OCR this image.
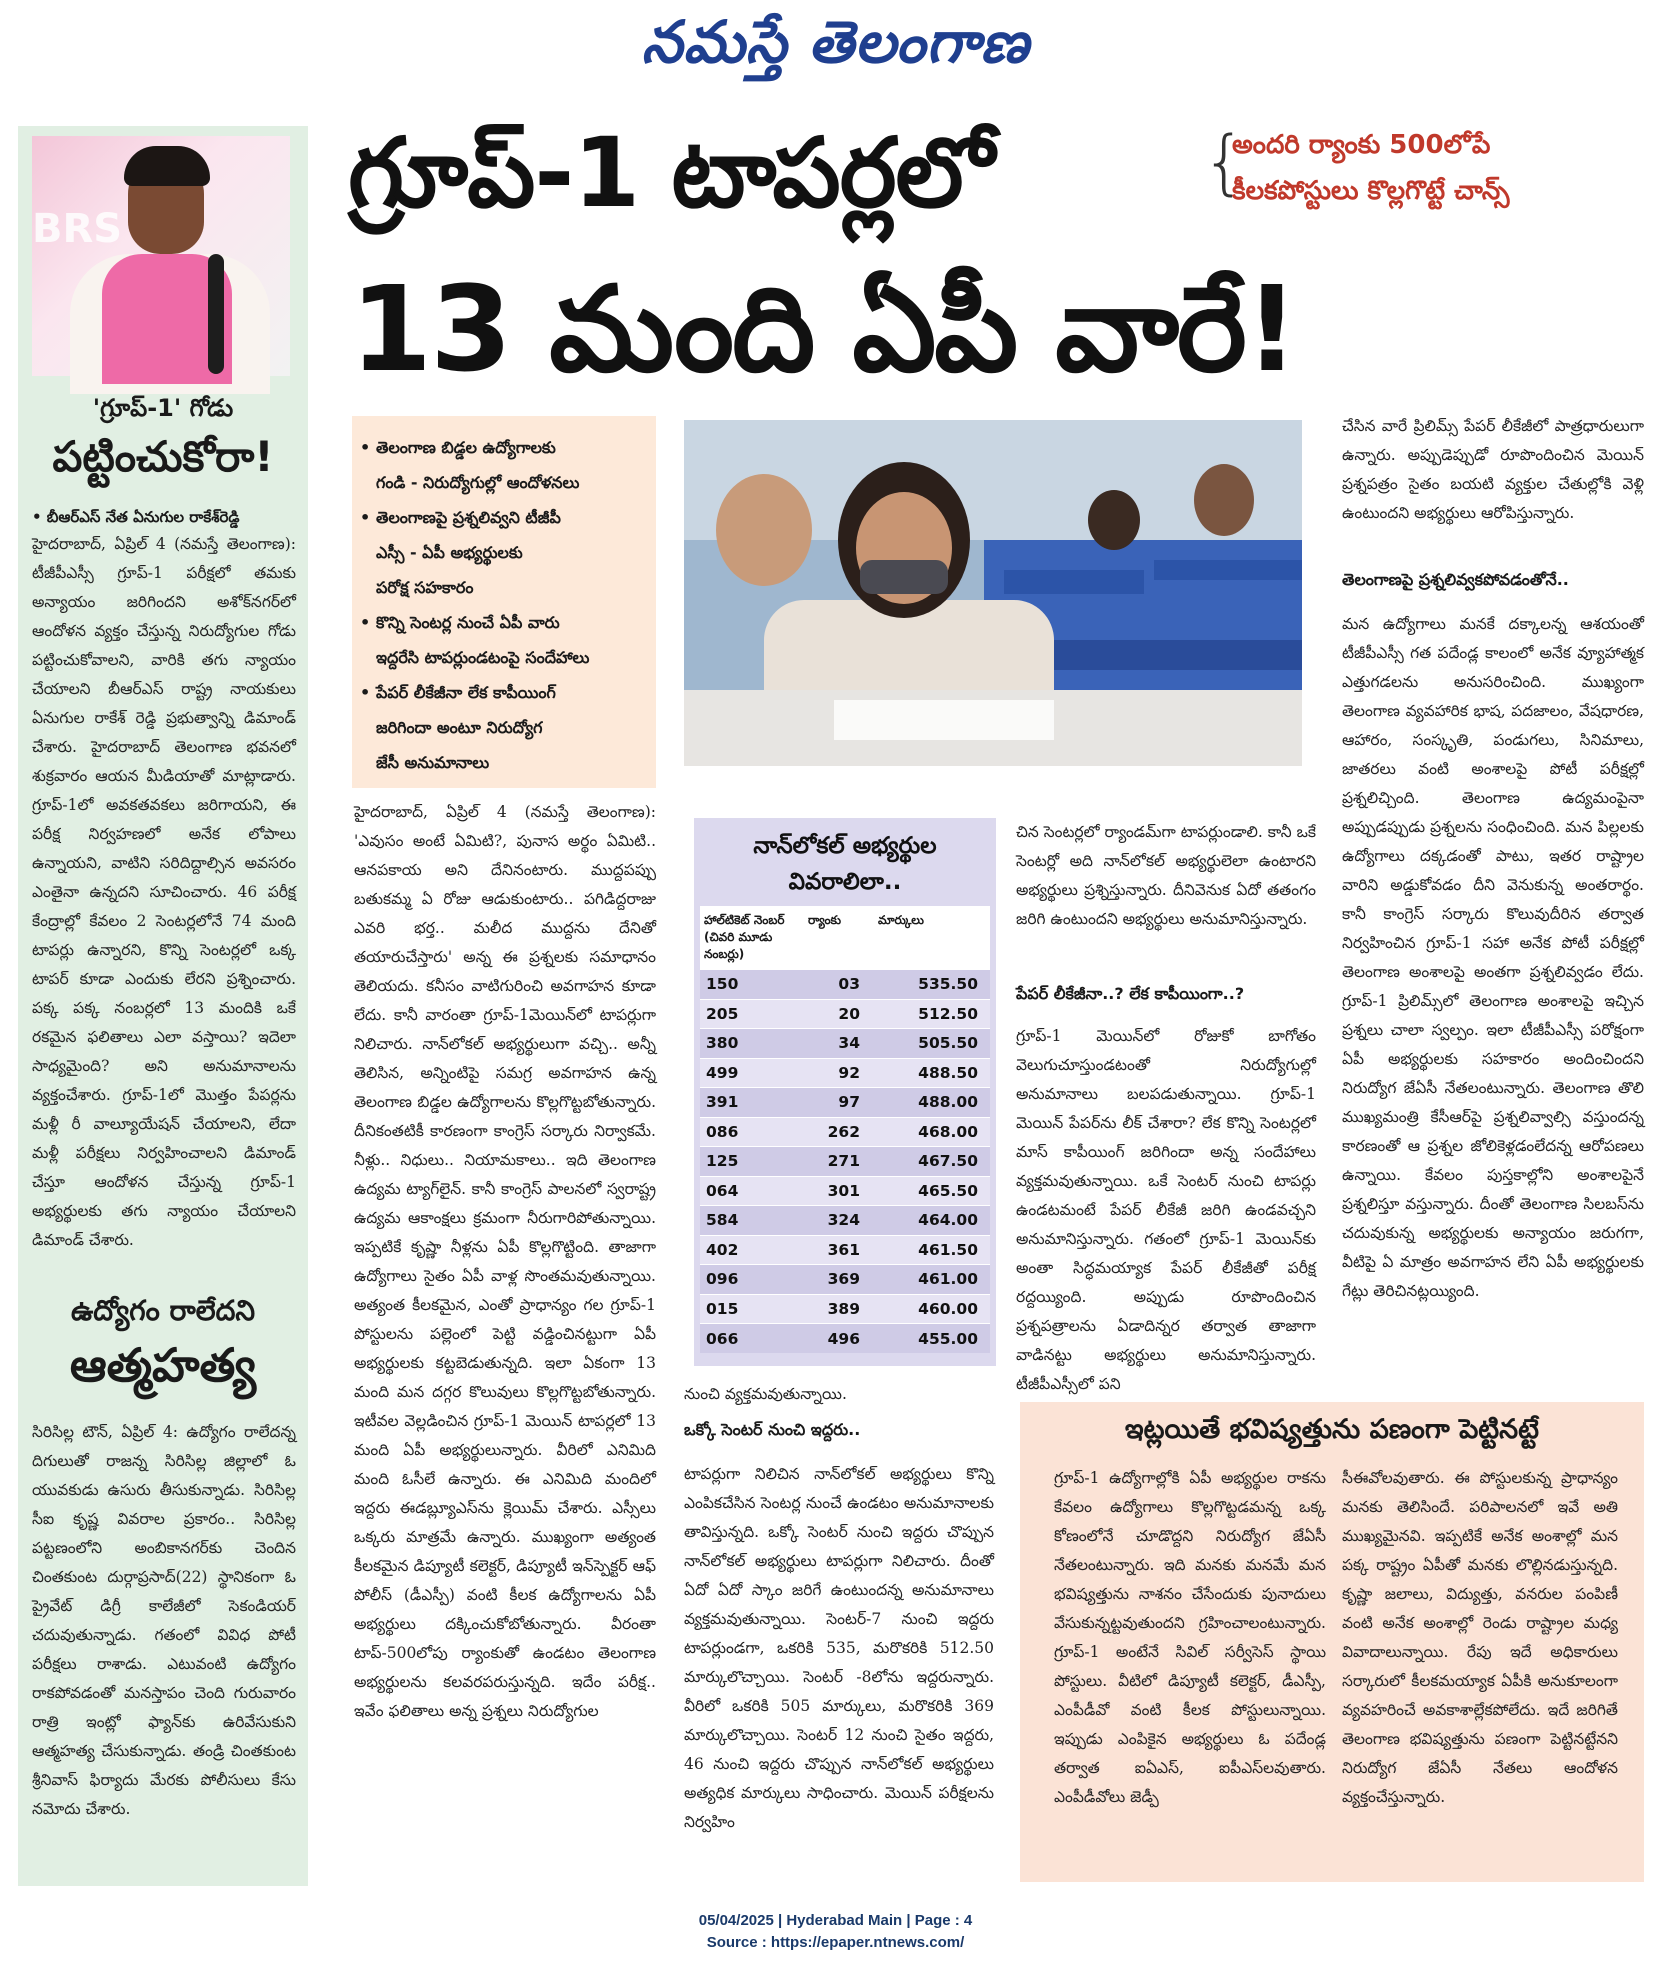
నమస్తే తెలంగాణ
BRS
'గ్రూప్-1' గోడు
పట్టించుకోరా!
• బీఆర్ఎస్ నేత ఏనుగుల రాకేశ్‌రెడ్డి
హైదరాబాద్, ఏప్రిల్ 4 (నమస్తే తెలంగాణ): టీజీపీఎస్సీ గ్రూప్-1 పరీక్షలో తమకు అన్యాయం జరిగిందని అశోక్‌నగర్‌లో ఆందోళన వ్యక్తం చేస్తున్న నిరుద్యోగుల గోడు పట్టించుకోవాలని, వారికి తగు న్యాయం చేయాలని బీఆర్ఎస్ రాష్ట్ర నాయకులు ఏనుగుల రాకేశ్ రెడ్డి ప్రభుత్వాన్ని డిమాండ్ చేశారు. హైదరాబాద్ తెలంగాణ భవనలో శుక్రవారం ఆయన మీడియాతో మాట్లాడారు. గ్రూప్-1లో అవకతవకలు జరిగాయని, ఈ పరీక్ష నిర్వహణలో అనేక లోపాలు ఉన్నాయని, వాటిని సరిదిద్దాల్సిన అవసరం ఎంతైనా ఉన్నదని సూచించారు. 46 పరీక్ష కేంద్రాల్లో కేవలం 2 సెంటర్లలోనే 74 మంది టాపర్లు ఉన్నారని, కొన్ని సెంటర్లలో ఒక్క టాపర్ కూడా ఎందుకు లేరని ప్రశ్నించారు. పక్క పక్క నంబర్లలో 13 మందికి ఒకే రకమైన ఫలితాలు ఎలా వస్తాయి? ఇదెలా సాధ్యమైంది? అని అనుమానాలను వ్యక్తంచేశారు. గ్రూప్-1లో మొత్తం పేపర్లను మళ్లీ రీ వాల్యూయేషన్ చేయాలని, లేదా మళ్లీ పరీక్షలు నిర్వహించాలని డిమాండ్ చేస్తూ ఆందోళన చేస్తున్న గ్రూప్-1 అభ్యర్థులకు తగు న్యాయం చేయాలని డిమాండ్ చేశారు.
ఉద్యోగం రాలేదని
ఆత్మహత్య
సిరిసిల్ల టౌన్, ఏప్రిల్ 4: ఉద్యోగం రాలేదన్న దిగులుతో రాజన్న సిరిసిల్ల జిల్లాలో ఓ యువకుడు ఉసురు తీసుకున్నాడు. సిరిసిల్ల సీఐ కృష్ణ వివరాల ప్రకారం.. సిరిసిల్ల పట్టణంలోని అంబికానగర్‌కు చెందిన చింతకుంట దుర్గాప్రసాద్(22) స్థానికంగా ఓ ప్రైవేట్ డిగ్రీ కాలేజీలో సెకండియర్ చదువుతున్నాడు. గతంలో వివిధ పోటీ పరీక్షలు రాశాడు. ఎటువంటి ఉద్యోగం రాకపోవడంతో మనస్తాపం చెంది గురువారం రాత్రి ఇంట్లో ఫ్యాన్‌కు ఉరివేసుకుని ఆత్మహత్య చేసుకున్నాడు. తండ్రి చింతకుంట శ్రీనివాస్ ఫిర్యాదు మేరకు పోలీసులు కేసు నమోదు చేశారు.
గ్రూప్-1 టాపర్లలో
13 మంది ఏపీ వారే!
{
అందరి ర్యాంకు 500లోపే
కీలకపోస్టులు కొల్లగొట్టే చాన్స్
• తెలంగాణ బిడ్డల ఉద్యోగాలకు
గండి - నిరుద్యోగుల్లో ఆందోళనలు
• తెలంగాణపై ప్రశ్నలివ్వని టీజీపీ
ఎస్సీ - ఏపీ అభ్యర్థులకు
పరోక్ష సహకారం
• కొన్ని సెంటర్ల నుంచే ఏపీ వారు
ఇద్దరేసి టాపర్లుండటంపై సందేహాలు
• పేపర్ లీకేజీనా లేక కాపీయింగ్
జరిగిందా అంటూ నిరుద్యోగ
జేసీ అనుమానాలు
హైదరాబాద్, ఏప్రిల్ 4 (నమస్తే తెలంగాణ): 'ఎవుసం అంటే ఏమిటి?, పునాస అర్థం ఏమిటి.. ఆనపకాయ అని దేనినంటారు. ముద్దపప్పు బతుకమ్మ ఏ రోజు ఆడుకుంటారు.. పగిడిద్దరాజు ఎవరి భర్త.. మలీద ముద్దను దేనితో తయారుచేస్తారు' అన్న ఈ ప్రశ్నలకు సమాధానం తెలియదు. కనీసం వాటిగురించి అవగాహన కూడా లేదు. కానీ వారంతా గ్రూప్-1మెయిన్‌లో టాపర్లుగా నిలిచారు. నాన్‌లోకల్ అభ్యర్థులుగా వచ్చి.. అన్నీ తెలిసిన, అన్నింటిపై సమగ్ర అవగాహన ఉన్న తెలంగాణ బిడ్డల ఉద్యోగాలను కొల్లగొట్టబోతున్నారు. దీనికంతటికీ కారణంగా కాంగ్రెస్ సర్కారు నిర్వాకమే. నీళ్లు.. నిధులు.. నియామకాలు.. ఇది తెలంగాణ ఉద్యమ ట్యాగ్‌లైన్. కానీ కాంగ్రెస్ పాలనలో స్వరాష్ట్ర ఉద్యమ ఆకాంక్షలు క్రమంగా నీరుగారిపోతున్నాయి. ఇప్పటికే కృష్ణా నీళ్లను ఏపీ కొల్లగొట్టింది. తాజాగా ఉద్యోగాలు సైతం ఏపీ వాళ్ల సొంతమవుతున్నాయి. అత్యంత కీలకమైన, ఎంతో ప్రాధాన్యం గల గ్రూప్-1 పోస్టులను పల్లెంలో పెట్టి వడ్డించినట్టుగా ఏపీ అభ్యర్థులకు కట్టబెడుతున్నది. ఇలా ఏకంగా 13 మంది మన దగ్గర కొలువులు కొల్లగొట్టబోతున్నారు. ఇటీవల వెల్లడించిన గ్రూప్-1 మెయిన్ టాపర్లలో 13 మంది ఏపీ అభ్యర్థులున్నారు. వీరిలో ఎనిమిది మంది ఓసీలే ఉన్నారు. ఈ ఎనిమిది మందిలో ఇద్దరు ఈడబ్ల్యూఎస్‌ను క్లెయిమ్ చేశారు. ఎస్సీలు ఒక్కరు మాత్రమే ఉన్నారు. ముఖ్యంగా అత్యంత కీలకమైన డిప్యూటీ కలెక్టర్, డిప్యూటీ ఇన్‌స్పెక్టర్ ఆఫ్ పోలీస్ (డీఎస్పీ) వంటి కీలక ఉద్యోగాలను ఏపీ అభ్యర్థులు దక్కించుకోబోతున్నారు. వీరంతా టాప్-500లోపు ర్యాంకుతో ఉండటం తెలంగాణ అభ్యర్థులను కలవరపరుస్తున్నది. ఇదేం పరీక్ష.. ఇవేం ఫలితాలు అన్న ప్రశ్నలు నిరుద్యోగుల
నాన్‌లోకల్ అభ్యర్థుల వివరాలిలా..
హాల్‌టికెట్ నెంబర్ (చివరి మూడు నంబర్లు)	ర్యాంకు	మార్కులు
150	03	535.50
205	20	512.50
380	34	505.50
499	92	488.50
391	97	488.00
086	262	468.00
125	271	467.50
064	301	465.50
584	324	464.00
402	361	461.50
096	369	461.00
015	389	460.00
066	496	455.00
నుంచి వ్యక్తమవుతున్నాయి.
ఒక్కో సెంటర్ నుంచి ఇద్దరు..
టాపర్లుగా నిలిచిన నాన్‌లోకల్ అభ్యర్థులు కొన్ని ఎంపికచేసిన సెంటర్ల నుంచే ఉండటం అనుమానాలకు తావిస్తున్నది. ఒక్కో సెంటర్ నుంచి ఇద్దరు చొప్పున నాన్‌లోకల్ అభ్యర్థులు టాపర్లుగా నిలిచారు. దీంతో ఏదో ఏదో స్కాం జరిగే ఉంటుందన్న అనుమానాలు వ్యక్తమవుతున్నాయి. సెంటర్-7 నుంచి ఇద్దరు టాపర్లుండగా, ఒకరికి 535, మరొకరికి 512.50 మార్కులొచ్చాయి. సెంటర్ -8లోను ఇద్దరున్నారు. వీరిలో ఒకరికి 505 మార్కులు, మరొకరికి 369 మార్కులొచ్చాయి. సెంటర్ 12 నుంచి సైతం ఇద్దరు, 46 నుంచి ఇద్దరు చొప్పున నాన్‌లోకల్ అభ్యర్థులు అత్యధిక మార్కులు సాధించారు. మెయిన్ పరీక్షలను నిర్వహిం
చిన సెంటర్లలో ర్యాండమ్‌గా టాపర్లుండాలి. కానీ ఒకే సెంటర్లో అది నాన్‌లోకల్ అభ్యర్థులెలా ఉంటారని అభ్యర్థులు ప్రశ్నిస్తున్నారు. దీనివెనుక ఏదో తతంగం జరిగి ఉంటుందని అభ్యర్థులు అనుమానిస్తున్నారు.
పేపర్ లీకేజీనా..? లేక కాపీయింగా..?
గ్రూప్-1 మెయిన్‌లో రోజుకో బాగోతం వెలుగుచూస్తుండటంతో నిరుద్యోగుల్లో అనుమానాలు బలపడుతున్నాయి. గ్రూప్-1 మెయిన్ పేపర్‌ను లీక్ చేశారా? లేక కొన్ని సెంటర్లలో మాస్ కాపీయింగ్ జరిగిందా అన్న సందేహాలు వ్యక్తమవుతున్నాయి. ఒకే సెంటర్ నుంచి టాపర్లు ఉండటమంటే పేపర్ లీకేజీ జరిగి ఉండవచ్చని అనుమానిస్తున్నారు. గతంలో గ్రూప్-1 మెయిన్‌కు అంతా సిద్ధమయ్యాక పేపర్ లీకేజీతో పరీక్ష రద్దయ్యింది. అప్పుడు రూపొందించిన ప్రశ్నపత్రాలను ఏడాదిన్నర తర్వాత తాజాగా వాడినట్టు అభ్యర్థులు అనుమానిస్తున్నారు. టీజీపీఎస్సీలో పని
చేసిన వారే ప్రిలిమ్స్ పేపర్ లీకేజీలో పాత్రధారులుగా ఉన్నారు. అప్పుడెప్పుడో రూపొందించిన మెయిన్ ప్రశ్నపత్రం సైతం బయటి వ్యక్తుల చేతుల్లోకి వెళ్లి ఉంటుందని అభ్యర్థులు ఆరోపిస్తున్నారు.
తెలంగాణపై ప్రశ్నలివ్వకపోవడంతోనే..
మన ఉద్యోగాలు మనకే దక్కాలన్న ఆశయంతో టీజీపీఎస్సీ గత పదేండ్ల కాలంలో అనేక వ్యూహాత్మక ఎత్తుగడలను అనుసరించింది. ముఖ్యంగా తెలంగాణ వ్యవహారిక భాష, పదజాలం, వేషధారణ, ఆహారం, సంస్కృతి, పండుగలు, సినిమాలు, జాతరలు వంటి అంశాలపై పోటీ పరీక్షల్లో ప్రశ్నలిచ్చింది. తెలంగాణ ఉద్యమంపైనా అప్పుడప్పుడు ప్రశ్నలను సంధించింది. మన పిల్లలకు ఉద్యోగాలు దక్కడంతో పాటు, ఇతర రాష్ట్రాల వారిని అడ్డుకోవడం దీని వెనుకున్న అంతరార్థం. కానీ కాంగ్రెస్ సర్కారు కొలువుదీరిన తర్వాత నిర్వహించిన గ్రూప్-1 సహా అనేక పోటీ పరీక్షల్లో తెలంగాణ అంశాలపై అంతగా ప్రశ్నలివ్వడం లేదు. గ్రూప్-1 ప్రిలిమ్స్‌లో తెలంగాణ అంశాలపై ఇచ్చిన ప్రశ్నలు చాలా స్వల్పం. ఇలా టీజీపీఎస్సీ పరోక్షంగా ఏపీ అభ్యర్థులకు సహకారం అందించిందని నిరుద్యోగ జేఏసీ నేతలంటున్నారు. తెలంగాణ తొలి ముఖ్యమంత్రి కేసీఆర్‌పై ప్రశ్నలివ్వాల్సి వస్తుందన్న కారణంతో ఆ ప్రశ్నల జోలికెళ్లడంలేదన్న ఆరోపణలు ఉన్నాయి. కేవలం పుస్తకాల్లోని అంశాలపైనే ప్రశ్నలిస్తూ వస్తున్నారు. దీంతో తెలంగాణ సిలబస్‌ను చదువుకున్న అభ్యర్థులకు అన్యాయం జరుగగా, వీటిపై ఏ మాత్రం అవగాహన లేని ఏపీ అభ్యర్థులకు గేట్లు తెరిచినట్లయ్యింది.
ఇట్లయితే భవిష్యత్తును పణంగా పెట్టినట్టే
గ్రూప్-1 ఉద్యోగాల్లోకి ఏపీ అభ్యర్థుల రాకను కేవలం ఉద్యోగాలు కొల్లగొట్టడమన్న ఒక్క కోణంలోనే చూడొద్దని నిరుద్యోగ జేఏసీ నేతలంటున్నారు. ఇది మనకు మనమే మన భవిష్యత్తును నాశనం చేసేందుకు పునాదులు వేసుకున్నట్టవుతుందని గ్రహించాలంటున్నారు. గ్రూప్-1 అంటేనే సివిల్ సర్వీసెస్ స్థాయి పోస్టులు. వీటిలో డిప్యూటీ కలెక్టర్, డీఎస్పీ, ఎంపీడీవో వంటి కీలక పోస్టులున్నాయి. ఇప్పుడు ఎంపికైన అభ్యర్థులు ఓ పదేండ్ల తర్వాత ఐఏఎస్, ఐపీఎస్‌లవుతారు. ఎంపీడీవోలు జెడ్పీ
సీఈవోలవుతారు. ఈ పోస్టులకున్న ప్రాధాన్యం మనకు తెలిసిందే. పరిపాలనలో ఇవే అతి ముఖ్యమైనవి. ఇప్పటికే అనేక అంశాల్లో మన పక్క రాష్ట్రం ఏపీతో మనకు లొల్లినడుస్తున్నది. కృష్ణా జలాలు, విద్యుత్తు, వనరుల పంపిణీ వంటి అనేక అంశాల్లో రెండు రాష్ట్రాల మధ్య వివాదాలున్నాయి. రేపు ఇదే అధికారులు సర్కారులో కీలకమయ్యాక ఏపీకి అనుకూలంగా వ్యవహరించే అవకాశాల్లేకపోలేదు. ఇదే జరిగితే తెలంగాణ భవిష్యత్తును పణంగా పెట్టినట్టేనని నిరుద్యోగ జేఏసీ నేతలు ఆందోళన వ్యక్తంచేస్తున్నారు.
05/04/2025 | Hyderabad Main | Page : 4
Source : https://epaper.ntnews.com/
